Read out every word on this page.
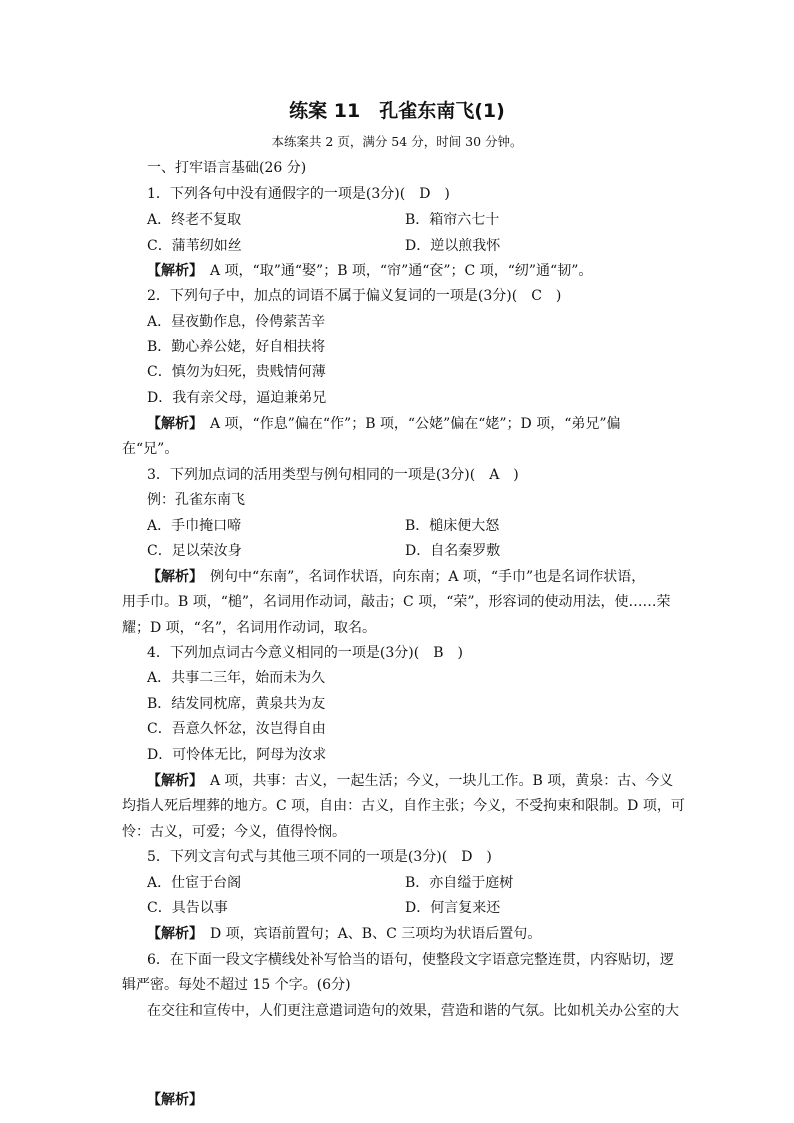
练案 11　孔雀东南飞(1)
本练案共 2 页，满分 54 分，时间 30 分钟。
一、打牢语言基础(26 分)
1．下列各句中没有通假字的一项是(3分)(　D　)
A．终老不复取	B．箱帘六七十
C．蒲苇纫如丝	D．逆以煎我怀
【解析】　A 项，“取”通“娶”；B 项，“帘”通“奁”；C 项，“纫”通“韧”。
2．下列句子中，加点的词语不属于偏义复词的一项是(3分)(　C　)
A．昼夜勤作息，伶俜萦苦辛
B．勤心养公姥，好自相扶将
C．慎勿为妇死，贵贱情何薄
D．我有亲父母，逼迫兼弟兄
【解析】　A 项，“作息”偏在“作”；B 项，“公姥”偏在“姥”；D 项，“弟兄”偏
在“兄”。
3．下列加点词的活用类型与例句相同的一项是(3分)(　A　)
例：孔雀东南飞
A．手巾掩口啼	B．槌床便大怒
C．足以荣汝身	D．自名秦罗敷
【解析】　例句中“东南”，名词作状语，向东南；A 项，“手巾”也是名词作状语，
用手巾。B 项，“槌”，名词用作动词，敲击；C 项，“荣”，形容词的使动用法，使……荣
耀；D 项，“名”，名词用作动词，取名。
4．下列加点词古今意义相同的一项是(3分)(　B　)
A．共事二三年，始而未为久
B．结发同枕席，黄泉共为友
C．吾意久怀忿，汝岂得自由
D．可怜体无比，阿母为汝求
【解析】　A 项，共事：古义，一起生活；今义，一块儿工作。B 项，黄泉：古、今义
均指人死后埋葬的地方。C 项，自由：古义，自作主张；今义，不受拘束和限制。D 项，可
怜：古义，可爱；今义，值得怜悯。
5．下列文言句式与其他三项不同的一项是(3分)(　D　)
A．仕宦于台阁	B．亦自缢于庭树
C．具告以事	D．何言复来还
【解析】　D 项，宾语前置句；A、B、C 三项均为状语后置句。
6．在下面一段文字横线处补写恰当的语句，使整段文字语意完整连贯，内容贴切，逻
辑严密。每处不超过 15 个字。(6分)
在交往和宣传中，人们更注意遣词造句的效果，营造和谐的气氛。比如机关办公室的大
【解析】
